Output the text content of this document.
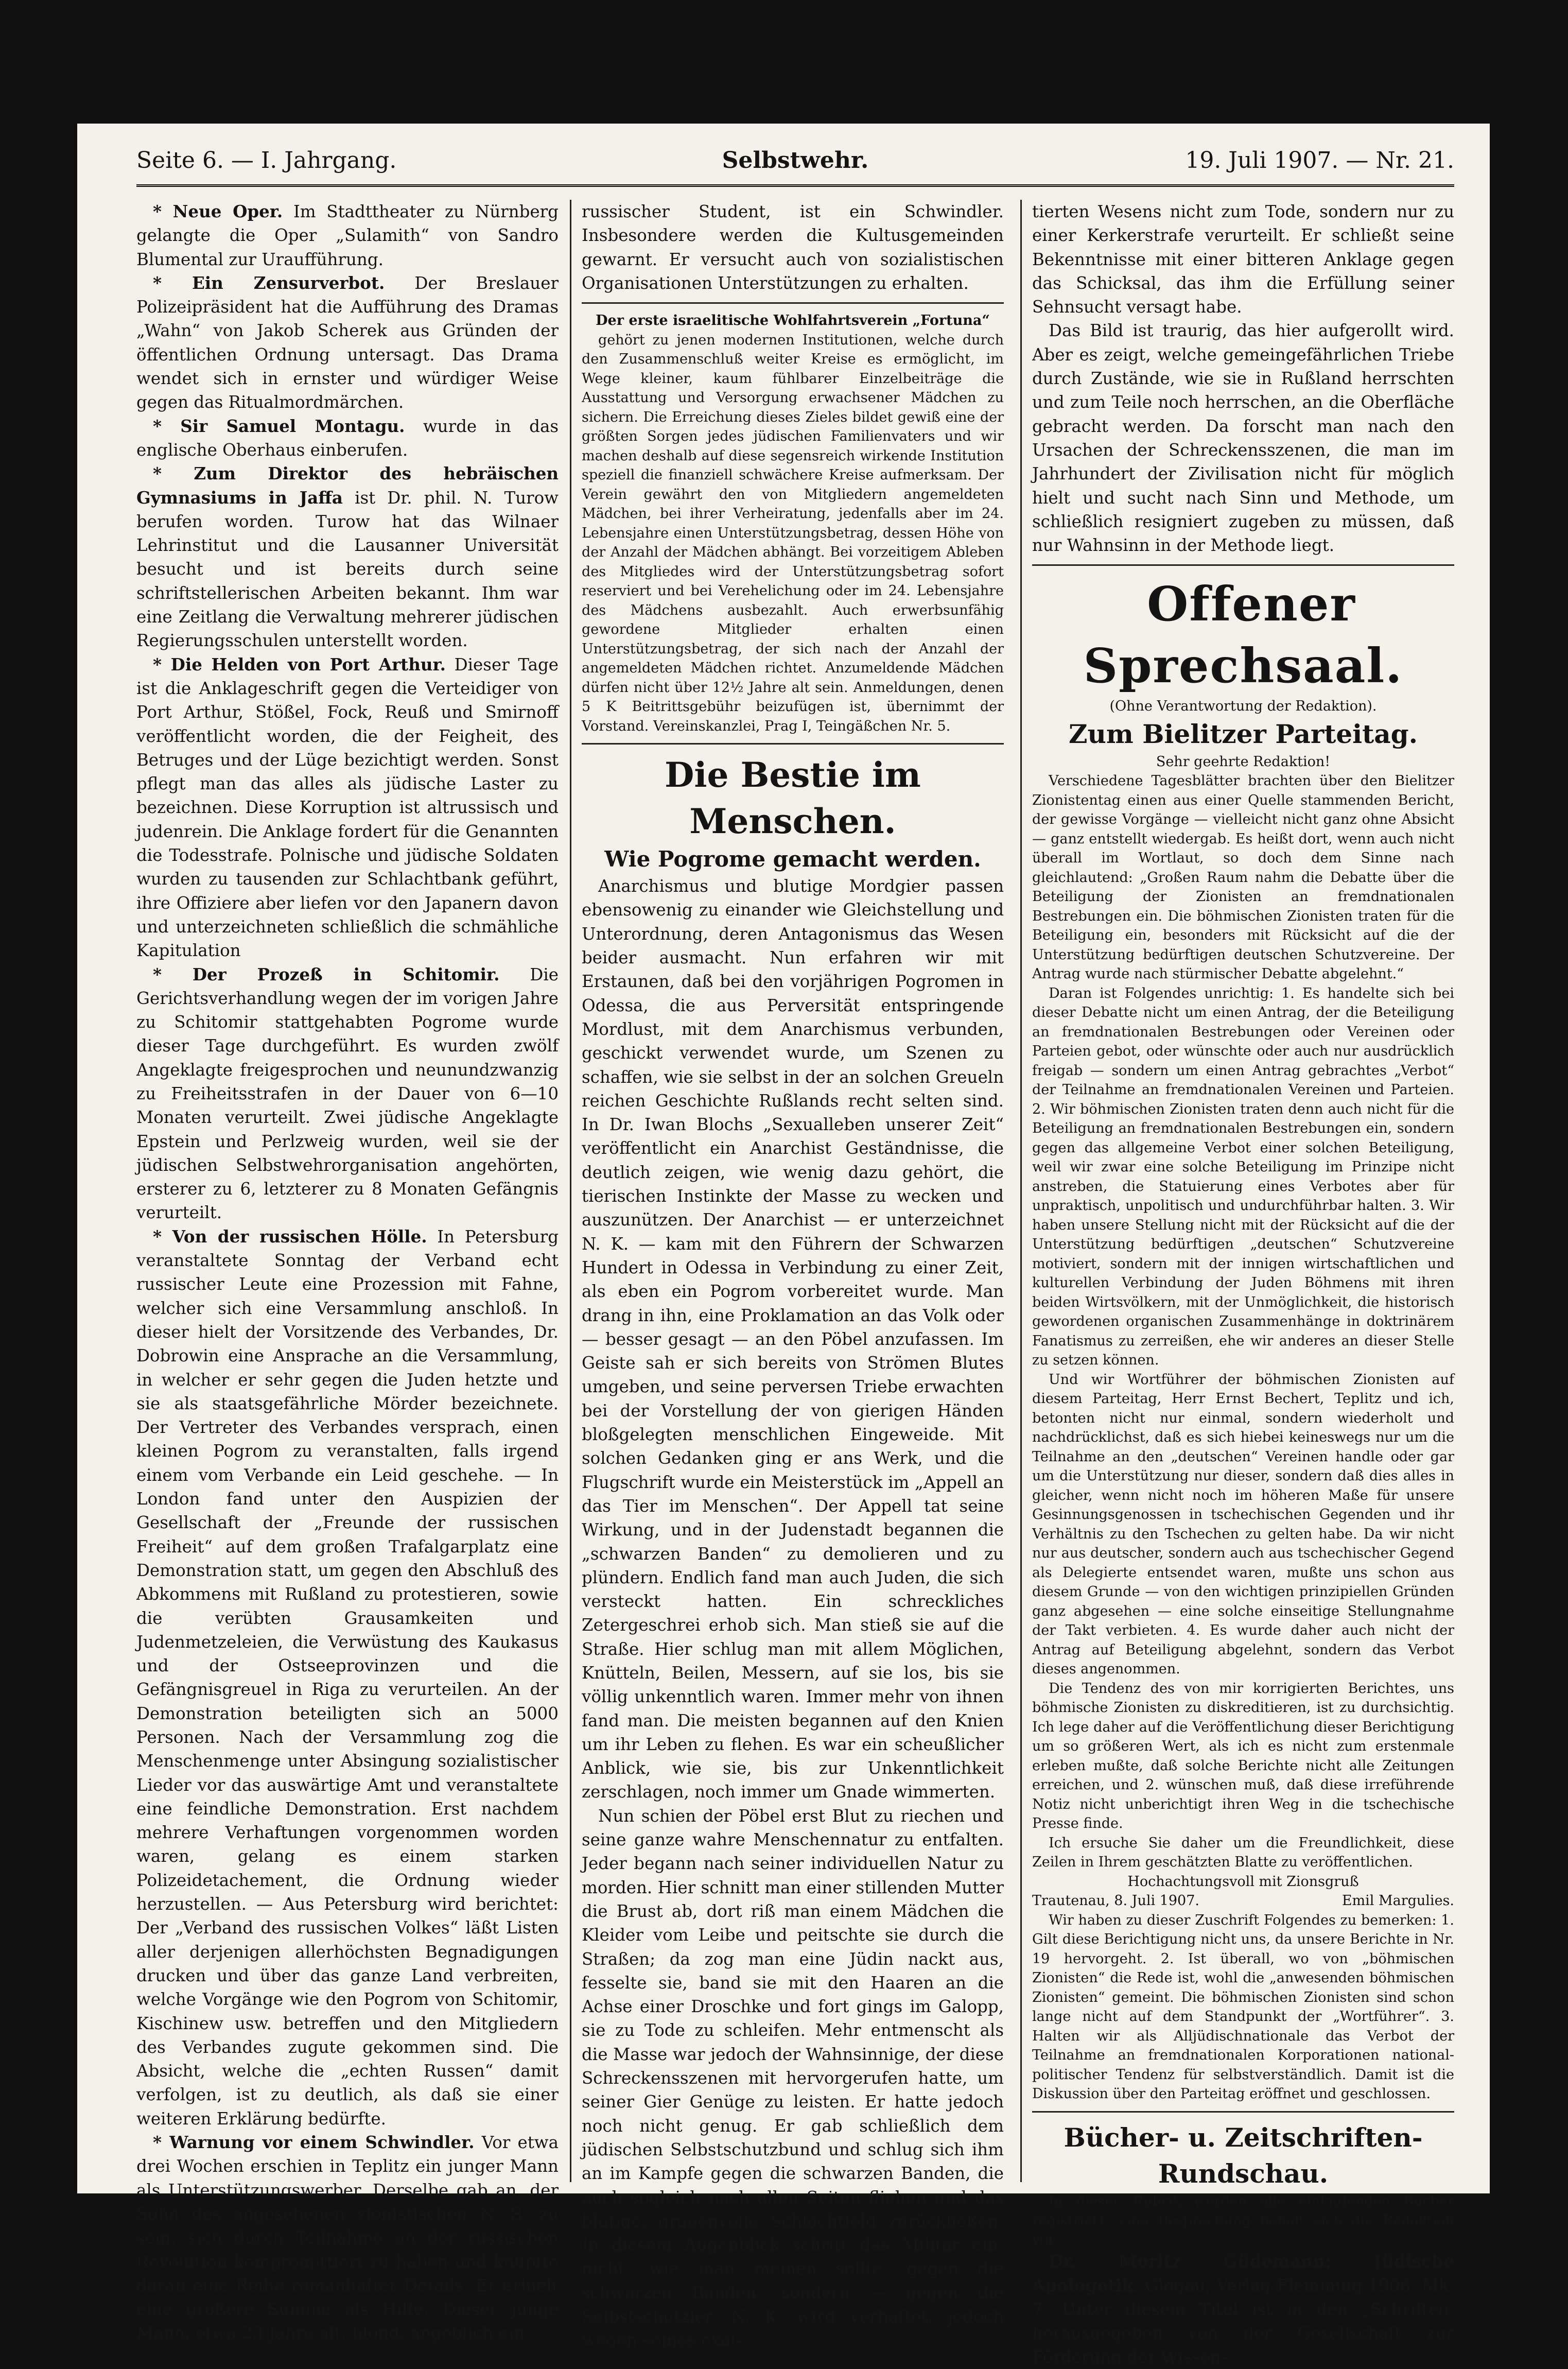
Seite 6. — I. Jahrgang.	Selbstwehr.	19. Juli 1907. — Nr. 21.

* Neue Oper. Im Stadttheater zu Nürnberg gelangte die Oper „Sulamith“ von Sandro Blumental zur Uraufführung.

* Ein Zensurverbot. Der Breslauer Polizeipräsident hat die Aufführung des Dramas „Wahn“ von Jakob Scherek aus Gründen der öffentlichen Ordnung untersagt. Das Drama wendet sich in ernster und würdiger Weise gegen das Ritualmordmärchen.

* Sir Samuel Montagu. wurde in das englische Oberhaus einberufen.

* Zum Direktor des hebräischen Gymnasiums in Jaffa ist Dr. phil. N. Turow berufen worden. Turow hat das Wilnaer Lehrinstitut und die Lausanner Universität besucht und ist bereits durch seine schriftstellerischen Arbeiten bekannt. Ihm war eine Zeitlang die Verwaltung mehrerer jüdischen Regierungsschulen unterstellt worden.

* Die Helden von Port Arthur. Dieser Tage ist die Anklageschrift gegen die Verteidiger von Port Arthur, Stößel, Fock, Reuß und Smirnoff veröffentlicht worden, die der Feigheit, des Betruges und der Lüge bezichtigt werden. Sonst pflegt man das alles als jüdische Laster zu bezeichnen. Diese Korruption ist altrussisch und judenrein. Die Anklage fordert für die Genannten die Todesstrafe. Polnische und jüdische Soldaten wurden zu tausenden zur Schlachtbank geführt, ihre Offiziere aber liefen vor den Japanern davon und unterzeichneten schließlich die schmähliche Kapitulation

* Der Prozeß in Schitomir. Die Gerichtsverhandlung wegen der im vorigen Jahre zu Schitomir stattgehabten Pogrome wurde dieser Tage durchgeführt. Es wurden zwölf Angeklagte freigesprochen und neunundzwanzig zu Freiheitsstrafen in der Dauer von 6—10 Monaten verurteilt. Zwei jüdische Angeklagte Epstein und Perlzweig wurden, weil sie der jüdischen Selbstwehrorganisation angehörten, ersterer zu 6, letzterer zu 8 Monaten Gefängnis verurteilt.

* Von der russischen Hölle. In Petersburg veranstaltete Sonntag der Verband echt russischer Leute eine Prozession mit Fahne, welcher sich eine Versammlung anschloß. In dieser hielt der Vorsitzende des Verbandes, Dr. Dobrowin eine Ansprache an die Versammlung, in welcher er sehr gegen die Juden hetzte und sie als staatsgefährliche Mörder bezeichnete. Der Vertreter des Verbandes versprach, einen kleinen Pogrom zu veranstalten, falls irgend einem vom Verbande ein Leid geschehe. — In London fand unter den Auspizien der Gesellschaft der „Freunde der russischen Freiheit“ auf dem großen Trafalgarplatz eine Demonstration statt, um gegen den Abschluß des Abkommens mit Rußland zu protestieren, sowie die verübten Grausamkeiten und Judenmetzeleien, die Verwüstung des Kaukasus und der Ostseeprovinzen und die Gefängnisgreuel in Riga zu verurteilen. An der Demonstration beteiligten sich an 5000 Personen. Nach der Versammlung zog die Menschenmenge unter Absingung sozialistischer Lieder vor das auswärtige Amt und veranstaltete eine feindliche Demonstration. Erst nachdem mehrere Verhaftungen vorgenommen worden waren, gelang es einem starken Polizeidetachement, die Ordnung wieder herzustellen. — Aus Petersburg wird berichtet: Der „Verband des russischen Volkes“ läßt Listen aller derjenigen allerhöchsten Begnadigungen drucken und über das ganze Land verbreiten, welche Vorgänge wie den Pogrom von Schitomir, Kischinew usw. betreffen und den Mitgliedern des Verbandes zugute gekommen sind. Die Absicht, welche die „echten Russen“ damit verfolgen, ist zu deutlich, als daß sie einer weiteren Erklärung bedürfte.

* Warnung vor einem Schwindler. Vor etwa drei Wochen erschien in Teplitz ein junger Mann als Unterstützungswerber. Derselbe gab an, der Sohn des angesehenen zionistischen N. S. zu sein, sich durch Teilnahme an der russischen Revolution kompromittiert zu haben und knüpfte daran eine Reihe romanhafter Details. Er erhielt eine größere Summe als Hilfe. Dieser junge Mann, etwa 23 Jahre alt, blond, angeblich ein

russischer Student, ist ein Schwindler. Insbesondere werden die Kultusgemeinden gewarnt. Er versucht auch von sozialistischen Organisationen Unterstützungen zu erhalten.

Der erste israelitische Wohlfahrtsverein „Fortuna“

gehört zu jenen modernen Institutionen, welche durch den Zusammenschluß weiter Kreise es ermöglicht, im Wege kleiner, kaum fühlbarer Einzelbeiträge die Ausstattung und Versorgung erwachsener Mädchen zu sichern. Die Erreichung dieses Zieles bildet gewiß eine der größten Sorgen jedes jüdischen Familienvaters und wir machen deshalb auf diese segensreich wirkende Institution speziell die finanziell schwächere Kreise aufmerksam. Der Verein gewährt den von Mitgliedern angemeldeten Mädchen, bei ihrer Verheiratung, jedenfalls aber im 24. Lebensjahre einen Unterstützungsbetrag, dessen Höhe von der Anzahl der Mädchen abhängt. Bei vorzeitigem Ableben des Mitgliedes wird der Unterstützungsbetrag sofort reserviert und bei Verehelichung oder im 24. Lebensjahre des Mädchens ausbezahlt. Auch erwerbsunfähig gewordene Mitglieder erhalten einen Unterstützungsbetrag, der sich nach der Anzahl der angemeldeten Mädchen richtet. Anzumeldende Mädchen dürfen nicht über 12½ Jahre alt sein. Anmeldungen, denen 5 K Beitrittsgebühr beizufügen ist, übernimmt der Vorstand. Vereinskanzlei, Prag I, Teingäßchen Nr. 5.

Die Bestie im Menschen.

Wie Pogrome gemacht werden.

Anarchismus und blutige Mordgier passen ebensowenig zu einander wie Gleichstellung und Unterordnung, deren Antagonismus das Wesen beider ausmacht. Nun erfahren wir mit Erstaunen, daß bei den vorjährigen Pogromen in Odessa, die aus Perversität entspringende Mordlust, mit dem Anarchismus verbunden, geschickt verwendet wurde, um Szenen zu schaffen, wie sie selbst in der an solchen Greueln reichen Geschichte Rußlands recht selten sind. In Dr. Iwan Blochs „Sexualleben unserer Zeit“ veröffentlicht ein Anarchist Geständnisse, die deutlich zeigen, wie wenig dazu gehört, die tierischen Instinkte der Masse zu wecken und auszunützen. Der Anarchist — er unterzeichnet N. K. — kam mit den Führern der Schwarzen Hundert in Odessa in Verbindung zu einer Zeit, als eben ein Pogrom vorbereitet wurde. Man drang in ihn, eine Proklamation an das Volk oder — besser gesagt — an den Pöbel anzufassen. Im Geiste sah er sich bereits von Strömen Blutes umgeben, und seine perversen Triebe erwachten bei der Vorstellung der von gierigen Händen bloßgelegten menschlichen Eingeweide. Mit solchen Gedanken ging er ans Werk, und die Flugschrift wurde ein Meisterstück im „Appell an das Tier im Menschen“. Der Appell tat seine Wirkung, und in der Judenstadt begannen die „schwarzen Banden“ zu demolieren und zu plündern. Endlich fand man auch Juden, die sich versteckt hatten. Ein schreckliches Zetergeschrei erhob sich. Man stieß sie auf die Straße. Hier schlug man mit allem Möglichen, Knütteln, Beilen, Messern, auf sie los, bis sie völlig unkenntlich waren. Immer mehr von ihnen fand man. Die meisten begannen auf den Knien um ihr Leben zu flehen. Es war ein scheußlicher Anblick, wie sie, bis zur Unkenntlichkeit zerschlagen, noch immer um Gnade wimmerten.

Nun schien der Pöbel erst Blut zu riechen und seine ganze wahre Menschennatur zu entfalten. Jeder begann nach seiner individuellen Natur zu morden. Hier schnitt man einer stillenden Mutter die Brust ab, dort riß man einem Mädchen die Kleider vom Leibe und peitschte sie durch die Straßen; da zog man eine Jüdin nackt aus, fesselte sie, band sie mit den Haaren an die Achse einer Droschke und fort gings im Galopp, sie zu Tode zu schleifen. Mehr entmenscht als die Masse war jedoch der Wahnsinnige, der diese Schreckensszenen mit hervorgerufen hatte, um seiner Gier Genüge zu leisten. Er hatte jedoch noch nicht genug. Er gab schließlich dem jüdischen Selbstschutzbund und schlug sich ihm an im Kampfe gegen die schwarzen Banden, die auch sogleich nach allen Seiten fliehen und das blutige, grauenvolle Schlachtfeld zurückließen. In diesem Augenblick schritt das Militär ein: nicht, wie man meinen sollte, gegen die schwarzen Banden, sondern — gegen die Selbstschützler. N. K. wird verhaftet, jedoch wegen seines exal-

tierten Wesens nicht zum Tode, sondern nur zu einer Kerkerstrafe verurteilt. Er schließt seine Bekenntnisse mit einer bitteren Anklage gegen das Schicksal, das ihm die Erfüllung seiner Sehnsucht versagt habe.

Das Bild ist traurig, das hier aufgerollt wird. Aber es zeigt, welche gemeingefährlichen Triebe durch Zustände, wie sie in Rußland herrschten und zum Teile noch herrschen, an die Oberfläche gebracht werden. Da forscht man nach den Ursachen der Schreckensszenen, die man im Jahrhundert der Zivilisation nicht für möglich hielt und sucht nach Sinn und Methode, um schließlich resigniert zugeben zu müssen, daß nur Wahnsinn in der Methode liegt.

Offener Sprechsaal.

(Ohne Verantwortung der Redaktion).

Zum Bielitzer Parteitag.

Sehr geehrte Redaktion!

Verschiedene Tagesblätter brachten über den Bielitzer Zionistentag einen aus einer Quelle stammenden Bericht, der gewisse Vorgänge — vielleicht nicht ganz ohne Absicht — ganz entstellt wiedergab. Es heißt dort, wenn auch nicht überall im Wortlaut, so doch dem Sinne nach gleichlautend: „Großen Raum nahm die Debatte über die Beteiligung der Zionisten an fremdnationalen Bestrebungen ein. Die böhmischen Zionisten traten für die Beteiligung ein, besonders mit Rücksicht auf die der Unterstützung bedürftigen deutschen Schutzvereine. Der Antrag wurde nach stürmischer Debatte abgelehnt.“

Daran ist Folgendes unrichtig: 1. Es handelte sich bei dieser Debatte nicht um einen Antrag, der die Beteiligung an fremdnationalen Bestrebungen oder Vereinen oder Parteien gebot, oder wünschte oder auch nur ausdrücklich freigab — sondern um einen Antrag gebrachtes „Verbot“ der Teilnahme an fremdnationalen Vereinen und Parteien. 2. Wir böhmischen Zionisten traten denn auch nicht für die Beteiligung an fremdnationalen Bestrebungen ein, sondern gegen das allgemeine Verbot einer solchen Beteiligung, weil wir zwar eine solche Beteiligung im Prinzipe nicht anstreben, die Statuierung eines Verbotes aber für unpraktisch, unpolitisch und undurchführbar halten. 3. Wir haben unsere Stellung nicht mit der Rücksicht auf die der Unterstützung bedürftigen „deutschen“ Schutzvereine motiviert, sondern mit der innigen wirtschaftlichen und kulturellen Verbindung der Juden Böhmens mit ihren beiden Wirtsvölkern, mit der Unmöglichkeit, die historisch gewordenen organischen Zusammenhänge in doktrinärem Fanatismus zu zerreißen, ehe wir anderes an dieser Stelle zu setzen können.

Und wir Wortführer der böhmischen Zionisten auf diesem Parteitag, Herr Ernst Bechert, Teplitz und ich, betonten nicht nur einmal, sondern wiederholt und nachdrücklichst, daß es sich hiebei keineswegs nur um die Teilnahme an den „deutschen“ Vereinen handle oder gar um die Unterstützung nur dieser, sondern daß dies alles in gleicher, wenn nicht noch im höheren Maße für unsere Gesinnungsgenossen in tschechischen Gegenden und ihr Verhältnis zu den Tschechen zu gelten habe. Da wir nicht nur aus deutscher, sondern auch aus tschechischer Gegend als Delegierte entsendet waren, mußte uns schon aus diesem Grunde — von den wichtigen prinzipiellen Gründen ganz abgesehen — eine solche einseitige Stellungnahme der Takt verbieten. 4. Es wurde daher auch nicht der Antrag auf Beteiligung abgelehnt, sondern das Verbot dieses angenommen.

Die Tendenz des von mir korrigierten Berichtes, uns böhmische Zionisten zu diskreditieren, ist zu durchsichtig. Ich lege daher auf die Veröffentlichung dieser Berichtigung um so größeren Wert, als ich es nicht zum erstenmale erleben mußte, daß solche Berichte nicht alle Zeitungen erreichen, und 2. wünschen muß, daß diese irreführende Notiz nicht unberichtigt ihren Weg in die tschechische Presse finde.

Ich ersuche Sie daher um die Freundlichkeit, diese Zeilen in Ihrem geschätzten Blatte zu veröffentlichen.

Hochachtungsvoll mit Zionsgruß

Trautenau, 8. Juli 1907.	Emil Margulies.

Wir haben zu dieser Zuschrift Folgendes zu bemerken: 1. Gilt diese Berichtigung nicht uns, da unsere Berichte in Nr. 19 hervorgeht. 2. Ist überall, wo von „böhmischen Zionisten“ die Rede ist, wohl die „anwesenden böhmischen Zionisten“ gemeint. Die böhmischen Zionisten sind schon lange nicht auf dem Standpunkt der „Wortführer“. 3. Halten wir als Alljüdischnationale das Verbot der Teilnahme an fremdnationalen Korporationen national-politischer Tendenz für selbstverständlich. Damit ist die Diskussion über den Parteitag eröffnet und geschlossen.

Bücher- u. Zeitschriften-Rundschau.

In dieser Rubrik werden alle einlaufenden Bücher registriert; eine Besprechung behält sich die Redaktion vor.

Dr. Moritz Güdemann: Jüdische Apologetik. Glogau, Verlag Flemming 1906. Mk. 7. Unter diesem Titel ist in den „Schriften, herausgegeben von der Gesellschaft zur Förderung der Wissen-
